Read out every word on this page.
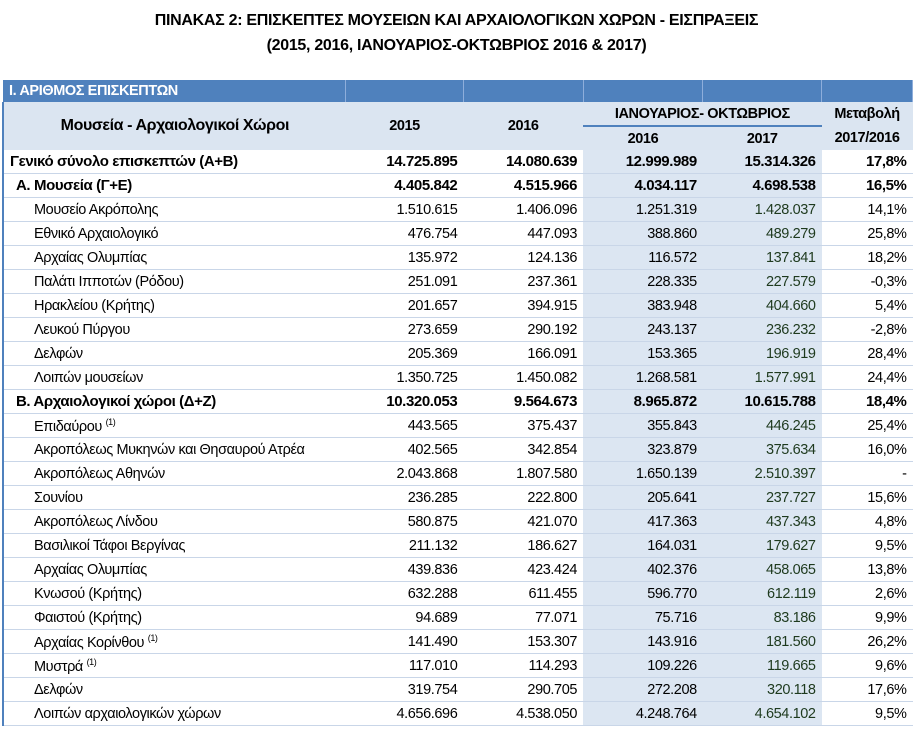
ΠΙΝΑΚΑΣ 2: ΕΠΙΣΚΕΠΤΕΣ ΜΟΥΣΕΙΩΝ ΚΑΙ ΑΡΧΑΙΟΛΟΓΙΚΩΝ ΧΩΡΩΝ - ΕΙΣΠΡΑΞΕΙΣ
(2015, 2016, ΙΑΝΟΥΑΡΙΟΣ-ΟΚΤΩΒΡΙΟΣ 2016 & 2017)
Ι. ΑΡΙΘΜΟΣ ΕΠΙΣΚΕΠΤΩΝ					
Μουσεία - Αρχαιολογικοί Χώροι	2015	2016	ΙΑΝΟΥΑΡΙΟΣ- ΟΚΤΩΒΡΙΟΣ		Μεταβολή
			2016	2017	2017/2016
Γενικό σύνολο επισκεπτών (Α+Β)	14.725.895	14.080.639	12.999.989	15.314.326	17,8%
Α. Μουσεία (Γ+Ε)	4.405.842	4.515.966	4.034.117	4.698.538	16,5%
Μουσείο Ακρόπολης	1.510.615	1.406.096	1.251.319	1.428.037	14,1%
Εθνικό Αρχαιολογικό	476.754	447.093	388.860	489.279	25,8%
Αρχαίας Ολυμπίας	135.972	124.136	116.572	137.841	18,2%
Παλάτι Ιπποτών (Ρόδου)	251.091	237.361	228.335	227.579	-0,3%
Ηρακλείου (Κρήτης)	201.657	394.915	383.948	404.660	5,4%
Λευκού Πύργου	273.659	290.192	243.137	236.232	-2,8%
Δελφών	205.369	166.091	153.365	196.919	28,4%
Λοιπών μουσείων	1.350.725	1.450.082	1.268.581	1.577.991	24,4%
Β. Αρχαιολογικοί χώροι (Δ+Ζ)	10.320.053	9.564.673	8.965.872	10.615.788	18,4%
Επιδαύρου $^{(1)}$	443.565	375.437	355.843	446.245	25,4%
Ακροπόλεως Μυκηνών και Θησαυρού Ατρέα	402.565	342.854	323.879	375.634	16,0%
Ακροπόλεως Αθηνών	2.043.868	1.807.580	1.650.139	2.510.397	-
Σουνίου	236.285	222.800	205.641	237.727	15,6%
Ακροπόλεως Λίνδου	580.875	421.070	417.363	437.343	4,8%
Βασιλικοί Τάφοι Βεργίνας	211.132	186.627	164.031	179.627	9,5%
Αρχαίας Ολυμπίας	439.836	423.424	402.376	458.065	13,8%
Κνωσού (Κρήτης)	632.288	611.455	596.770	612.119	2,6%
Φαιστού (Κρήτης)	94.689	77.071	75.716	83.186	9,9%
Αρχαίας Κορίνθου $^{(1)}$	141.490	153.307	143.916	181.560	26,2%
Μυστρά $^{(1)}$	117.010	114.293	109.226	119.665	9,6%
Δελφών	319.754	290.705	272.208	320.118	17,6%
Λοιπών αρχαιολογικών χώρων	4.656.696	4.538.050	4.248.764	4.654.102	9,5%
